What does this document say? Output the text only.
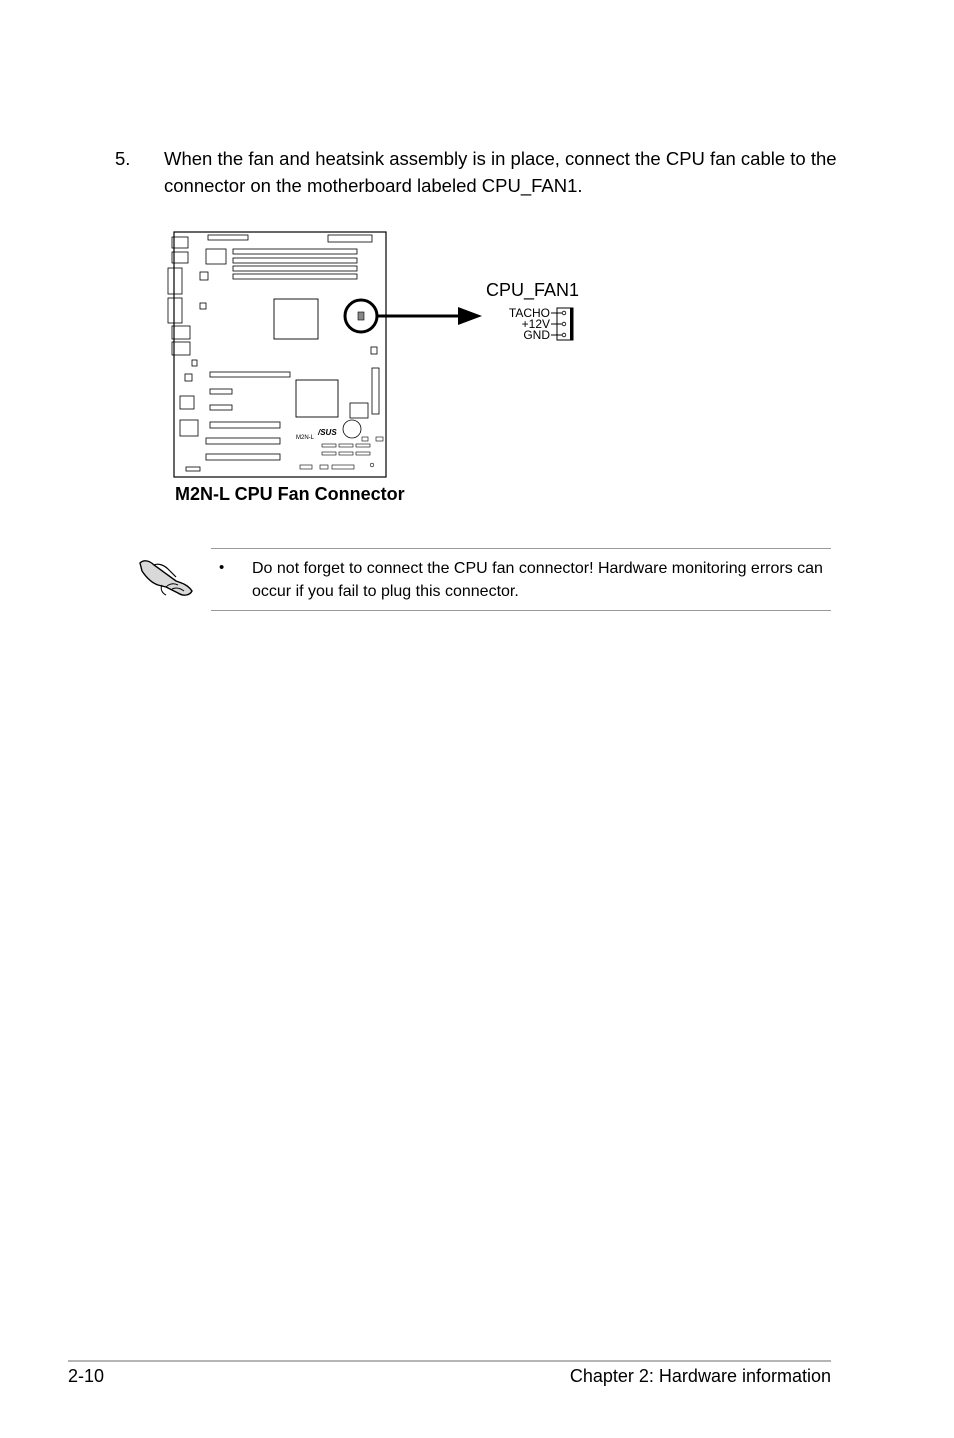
5. When the fan and heatsink assembly is in place, connect the CPU fan cable to the connector on the motherboard labeled CPU_FAN1.
/SUS
M2N-L
CPU_FAN1
TACHO
+12V
GND
M2N-L CPU Fan Connector
• Do not forget to connect the CPU fan connector! Hardware monitoring errors can occur if you fail to plug this connector.
2-10	Chapter 2: Hardware information
